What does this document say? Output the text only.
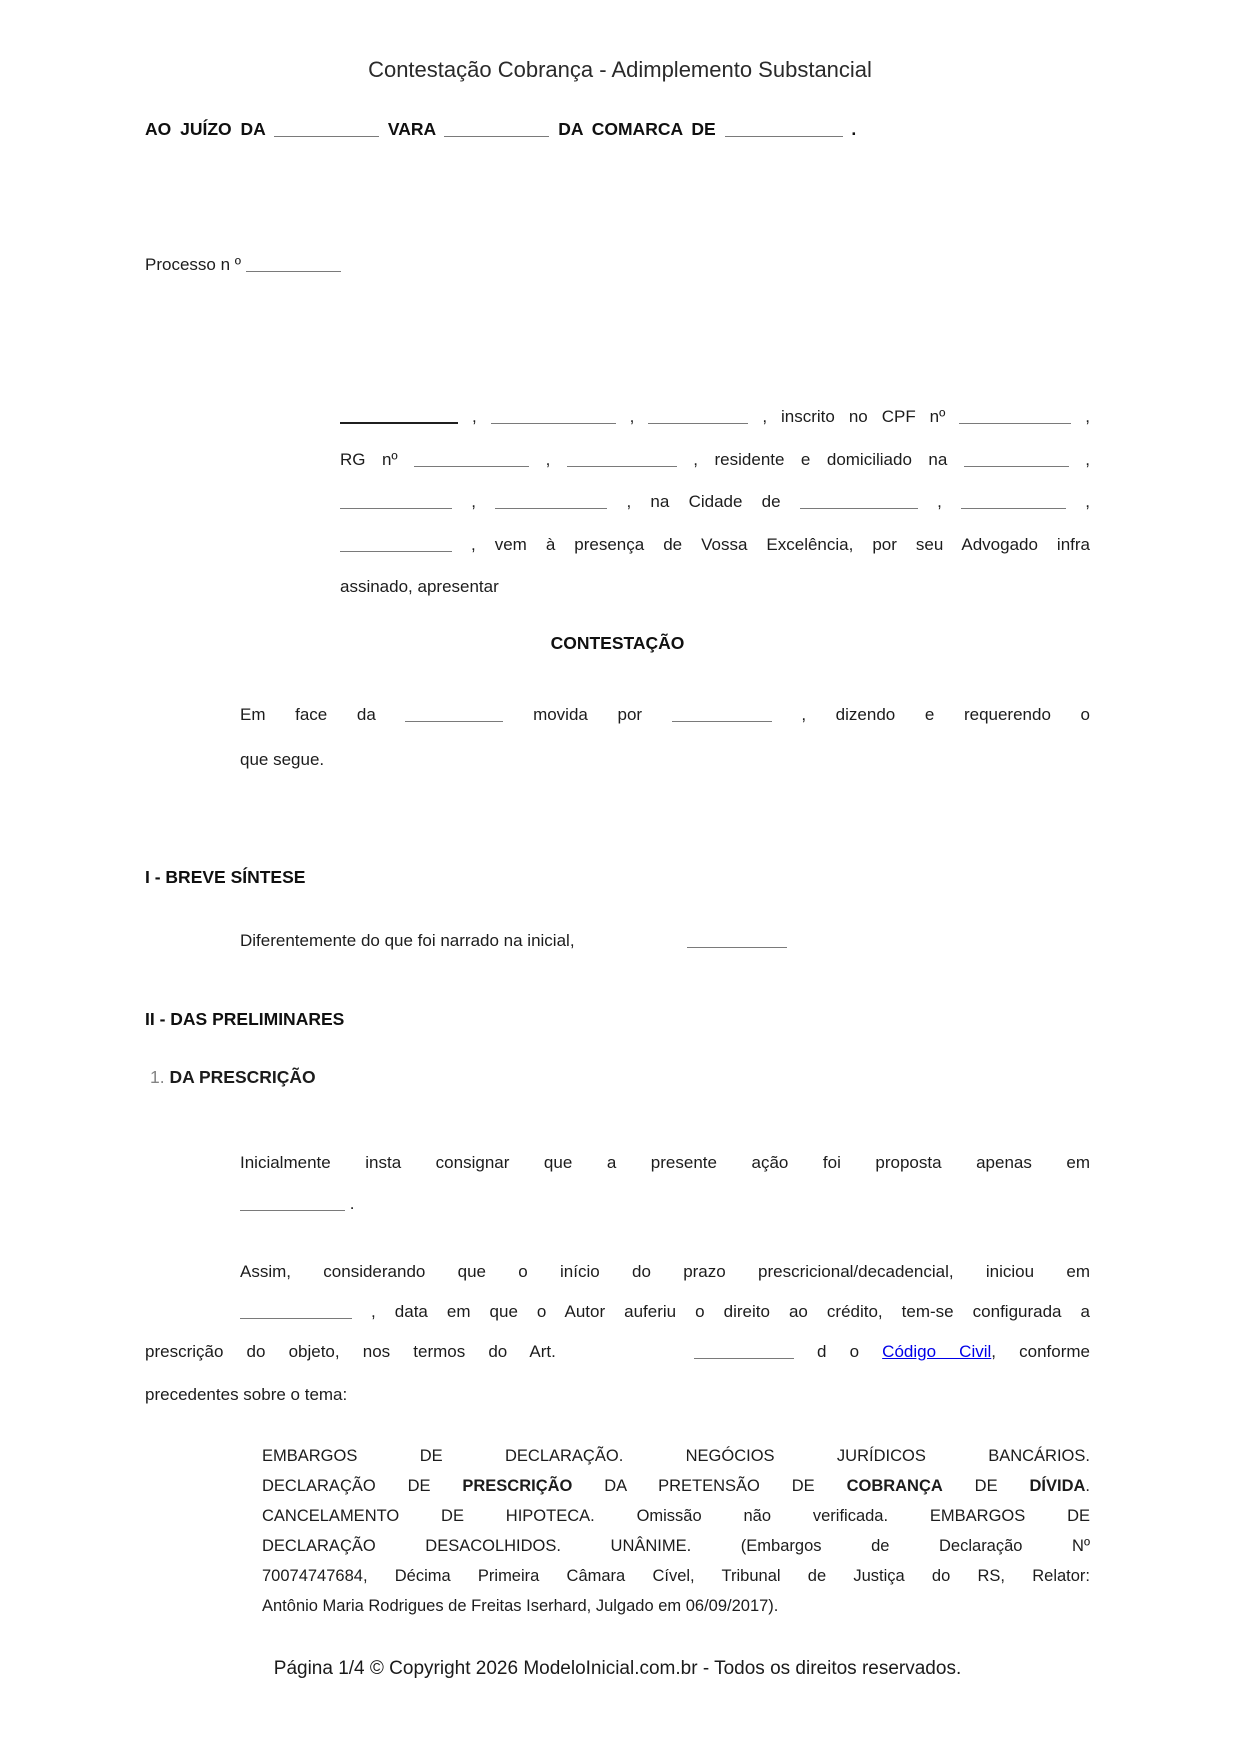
Contestação Cobrança - Adimplemento Substancial
AO JUÍZO DA	VARA	DA COMARCA DE	.
Processo n º
,	,	, inscrito no CPF nº	,
RG nº	,	, residente e domiciliado na	,
,	, na Cidade de	,	,
, vem à presença de Vossa Excelência, por seu Advogado infra
assinado, apresentar
CONTESTAÇÃO
Em face da	movida por	, dizendo e requerendo o
que segue.
I - BREVE SÍNTESE
Diferentemente do que foi narrado na inicial,
II - DAS PRELIMINARES
1. DA PRESCRIÇÃO
Inicialmente insta consignar que a presente ação foi proposta apenas em
.
Assim, considerando que o início do prazo prescricional/decadencial, iniciou em
, data em que o Autor auferiu o direito ao crédito, tem-se configurada a
prescrição do objeto, nos termos do Art.	d o Código Civil, conforme
precedentes sobre o tema:
EMBARGOS DE DECLARAÇÃO. NEGÓCIOS JURÍDICOS BANCÁRIOS.
DECLARAÇÃO DE PRESCRIÇÃO DA PRETENSÃO DE COBRANÇA DE DÍVIDA.
CANCELAMENTO DE HIPOTECA. Omissão não verificada. EMBARGOS DE
DECLARAÇÃO DESACOLHIDOS. UNÂNIME. (Embargos de Declaração Nº
70074747684, Décima Primeira Câmara Cível, Tribunal de Justiça do RS, Relator:
Antônio Maria Rodrigues de Freitas Iserhard, Julgado em 06/09/2017).
Página 1/4 © Copyright 2026 ModeloInicial.com.br - Todos os direitos reservados.
